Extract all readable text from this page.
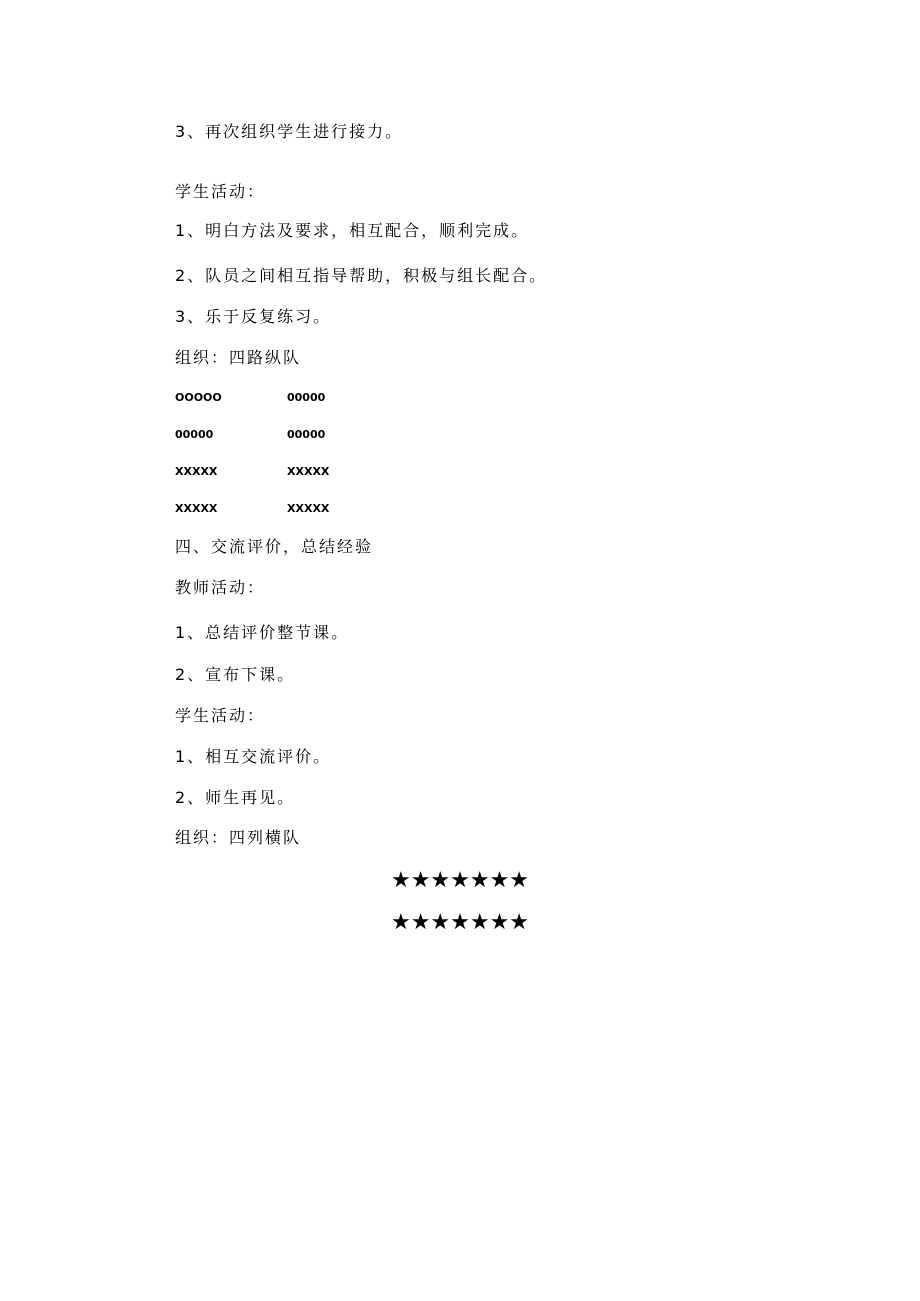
3、再次组织学生进行接力。
学生活动：
1、明白方法及要求，相互配合，顺利完成。
2、队员之间相互指导帮助，积极与组长配合。
3、乐于反复练习。
组织：四路纵队
OOOOO	00000
00000	00000
XXXXX	XXXXX
XXXXX	XXXXX
四、交流评价，总结经验
教师活动：
1、总结评价整节课。
2、宣布下课。
学生活动：
1、相互交流评价。
2、师生再见。
组织：四列横队
★★★★★★★
★★★★★★★
